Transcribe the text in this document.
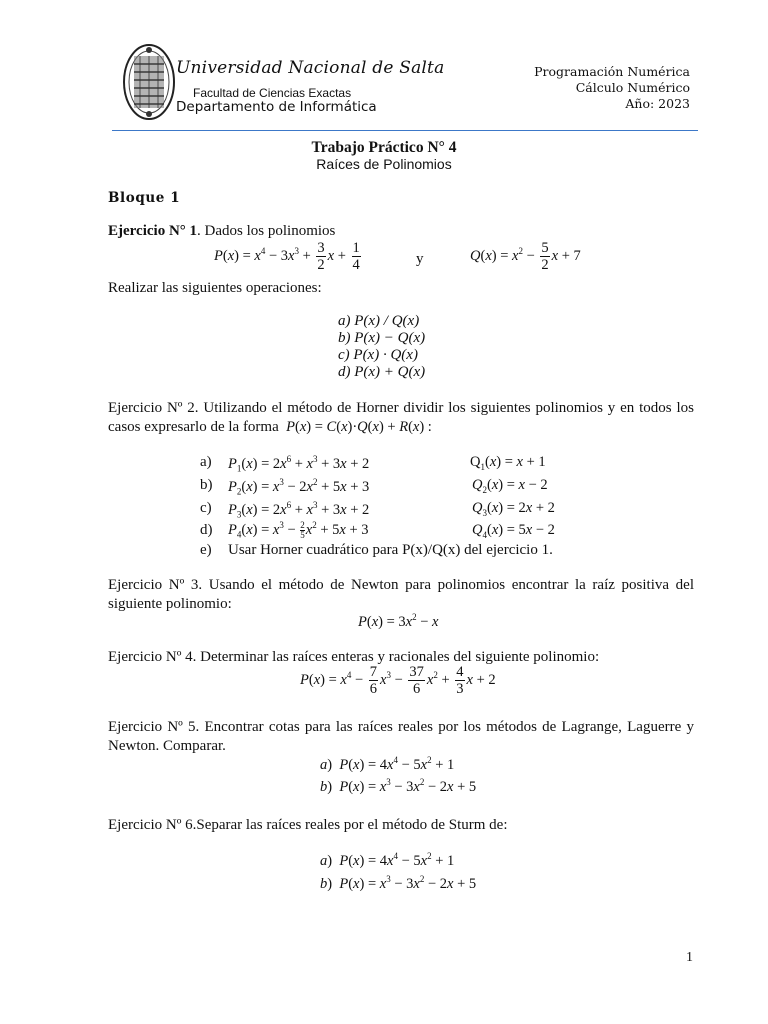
Universidad Nacional de Salta
Facultad de Ciencias Exactas
Departamento de Informática
Programación Numérica
Cálculo Numérico
Año: 2023
Trabajo Práctico N° 4
Raíces de Polinomios
Bloque 1
Ejercicio N° 1. Dados los polinomios
$P(x) = x^4 - 3x^3 + \frac{3}{2}$ $x + \frac{1}{4}$	y	$Q(x) = x^2 - \frac{5}{2}$ x + 7
Realizar las siguientes operaciones:
a) P(x) / Q(x)
b) P(x) − Q(x)
c) P(x) · Q(x)
d) P(x) + Q(x)
Ejercicio Nº 2. Utilizando el método de Horner dividir los siguientes polinomios y en todos los casos expresarlo de la forma P(x) = C(x)·Q(x) + R(x) :
a) $P_1(x) = 2x^6 + x^3 + 3x + 2$	$Q_1(x) = x + 1$
b) $P_2(x) = x^3 - 2x^2 + 5x + 3$	$Q_2(x) = x - 2$
c) $P_3(x) = 2x^6 + x^3 + 3x + 2$	$Q_3(x) = 2x + 2$
d) $P_4(x) = x^3 - \frac{2}{5} x^2 + 5x + 3$	$Q_4(x) = 5x - 2$
e) Usar Horner cuadrático para P(x)/Q(x) del ejercicio 1.
Ejercicio Nº 3. Usando el método de Newton para polinomios encontrar la raíz positiva del siguiente polinomio:
$P(x) = 3x^2 - x$
Ejercicio Nº 4. Determinar las raíces enteras y racionales del siguiente polinomio:
$P(x) = x^4 - \frac{7}{6} x^3 - \frac{37}{6} x^2 + \frac{4}{3}$ x + 2
Ejercicio Nº 5. Encontrar cotas para las raíces reales por los métodos de Lagrange, Laguerre y Newton. Comparar.
a)  $P(x) = 4x^4 - 5x^2 + 1$
b)  $P(x) = x^3 - 3x^2 - 2x + 5$
Ejercicio Nº 6.Separar las raíces reales por el método de Sturm de:
a)  $P(x) = 4x^4 - 5x^2 + 1$
b)  $P(x) = x^3 - 3x^2 - 2x + 5$
1
